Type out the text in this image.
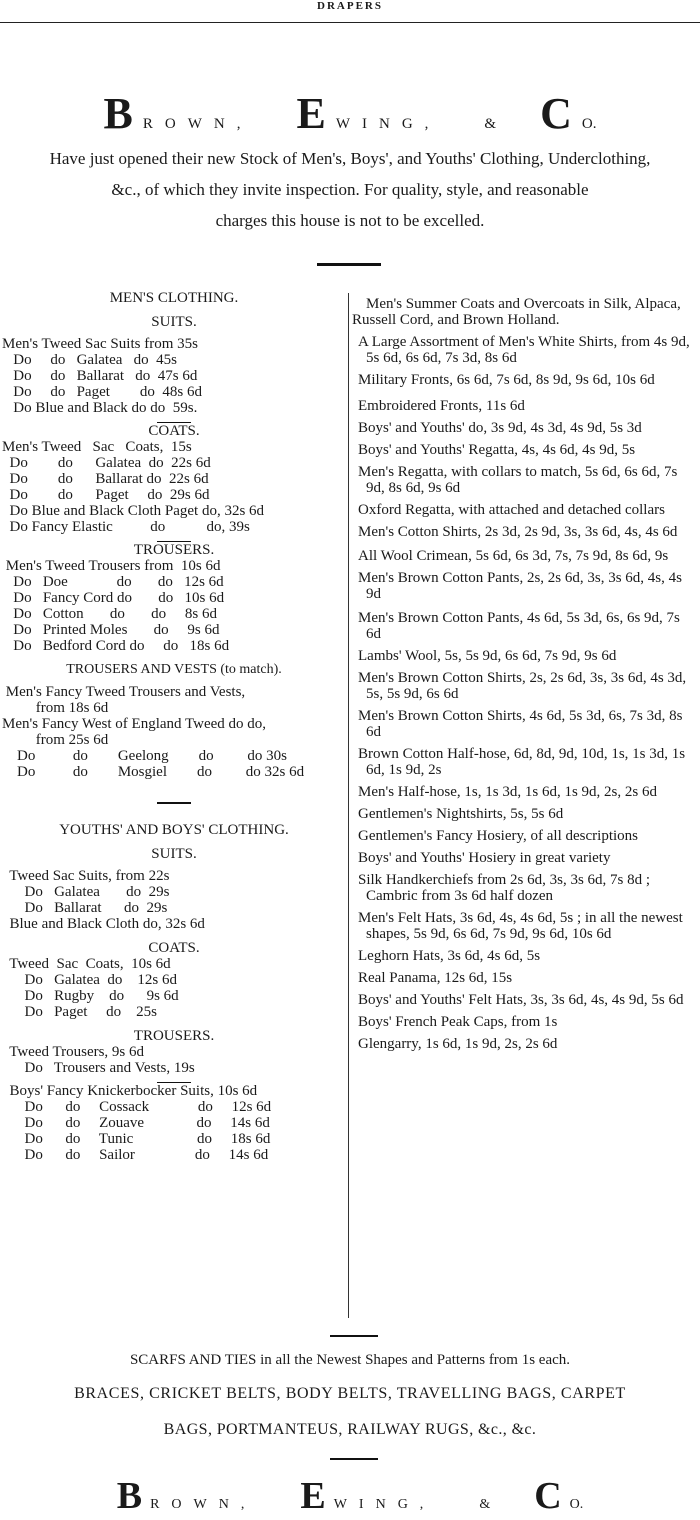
DRAPERS
BROWN, EWING,	& C O.
Have just opened their new Stock of Men's, Boys', and Youths' Clothing, Underclothing,
&c., of which they invite inspection. For quality, style, and reasonable
charges this house is not to be excelled.
MEN'S CLOTHING.
SUITS.
Men's Tweed Sac Suits from 35s
Do     do   Galatea   do  45s
Do     do   Ballarat   do  47s 6d
Do     do   Paget        do  48s 6d
Do Blue and Black do do  59s.
COATS.
Men's Tweed   Sac   Coats,  15s
Do        do      Galatea  do  22s 6d
Do        do      Ballarat do  22s 6d
Do        do      Paget     do  29s 6d
Do Blue and Black Cloth Paget do, 32s 6d
Do Fancy Elastic          do           do, 39s
TROUSERS.
Men's Tweed Trousers from  10s 6d
Do   Doe             do       do   12s 6d
Do   Fancy Cord do       do   10s 6d
Do   Cotton       do       do     8s 6d
Do   Printed Moles       do     9s 6d
Do   Bedford Cord do     do   18s 6d
TROUSERS AND VESTS (to match).
Men's Fancy Tweed Trousers and Vests,
from 18s 6d
Men's Fancy West of England Tweed do do,
from 25s 6d
Do          do        Geelong        do         do 30s
Do          do        Mosgiel        do         do 32s 6d
YOUTHS' AND BOYS' CLOTHING.
SUITS.
Tweed Sac Suits, from 22s
Do   Galatea       do  29s
Do   Ballarat      do  29s
Blue and Black Cloth do, 32s 6d
COATS.
Tweed  Sac  Coats,  10s 6d
Do   Galatea  do    12s 6d
Do   Rugby    do      9s 6d
Do   Paget     do    25s
TROUSERS.
Tweed Trousers, 9s 6d
Do   Trousers and Vests, 19s
Boys' Fancy Knickerbocker Suits, 10s 6d
Do      do     Cossack             do     12s 6d
Do      do     Zouave              do     14s 6d
Do      do     Tunic                 do     18s 6d
Do      do     Sailor                do     14s 6d
Men's Summer Coats and Overcoats in Silk, Alpaca, Russell Cord, and Brown Holland.
A Large Assortment of Men's White Shirts, from 4s 9d, 5s 6d, 6s 6d, 7s 3d, 8s 6d
Military Fronts, 6s 6d, 7s 6d, 8s 9d, 9s 6d, 10s 6d
Embroidered Fronts, 11s 6d
Boys' and Youths' do, 3s 9d, 4s 3d, 4s 9d, 5s 3d
Boys' and Youths' Regatta, 4s, 4s 6d, 4s 9d, 5s
Men's Regatta, with collars to match, 5s 6d, 6s 6d, 7s 9d, 8s 6d, 9s 6d
Oxford Regatta, with attached and detached collars
Men's Cotton Shirts, 2s 3d, 2s 9d, 3s, 3s 6d, 4s, 4s 6d
All Wool Crimean, 5s 6d, 6s 3d, 7s, 7s 9d, 8s 6d, 9s
Men's Brown Cotton Pants, 2s, 2s 6d, 3s, 3s 6d, 4s, 4s 9d
Men's Brown Cotton Pants, 4s 6d, 5s 3d, 6s, 6s 9d, 7s 6d
Lambs' Wool, 5s, 5s 9d, 6s 6d, 7s 9d, 9s 6d
Men's Brown Cotton Shirts, 2s, 2s 6d, 3s, 3s 6d, 4s 3d, 5s, 5s 9d, 6s 6d
Men's Brown Cotton Shirts, 4s 6d, 5s 3d, 6s, 7s 3d, 8s 6d
Brown Cotton Half-hose, 6d, 8d, 9d, 10d, 1s, 1s 3d, 1s 6d, 1s 9d, 2s
Men's Half-hose, 1s, 1s 3d, 1s 6d, 1s 9d, 2s, 2s 6d
Gentlemen's Nightshirts, 5s, 5s 6d
Gentlemen's Fancy Hosiery, of all descriptions
Boys' and Youths' Hosiery in great variety
Silk Handkerchiefs from 2s 6d, 3s, 3s 6d, 7s 8d ; Cambric from 3s 6d half dozen
Men's Felt Hats, 3s 6d, 4s, 4s 6d, 5s ; in all the newest shapes, 5s 9d, 6s 6d, 7s 9d, 9s 6d, 10s 6d
Leghorn Hats, 3s 6d, 4s 6d, 5s
Real Panama, 12s 6d, 15s
Boys' and Youths' Felt Hats, 3s, 3s 6d, 4s, 4s 9d, 5s 6d
Boys' French Peak Caps, from 1s
Glengarry, 1s 6d, 1s 9d, 2s, 2s 6d
SCARFS AND TIES in all the Newest Shapes and Patterns from 1s each.
BRACES, CRICKET BELTS, BODY BELTS, TRAVELLING BAGS, CARPET
BAGS, PORTMANTEUS, RAILWAY RUGS, &c., &c.
BROWN, EWING,	& C O.
